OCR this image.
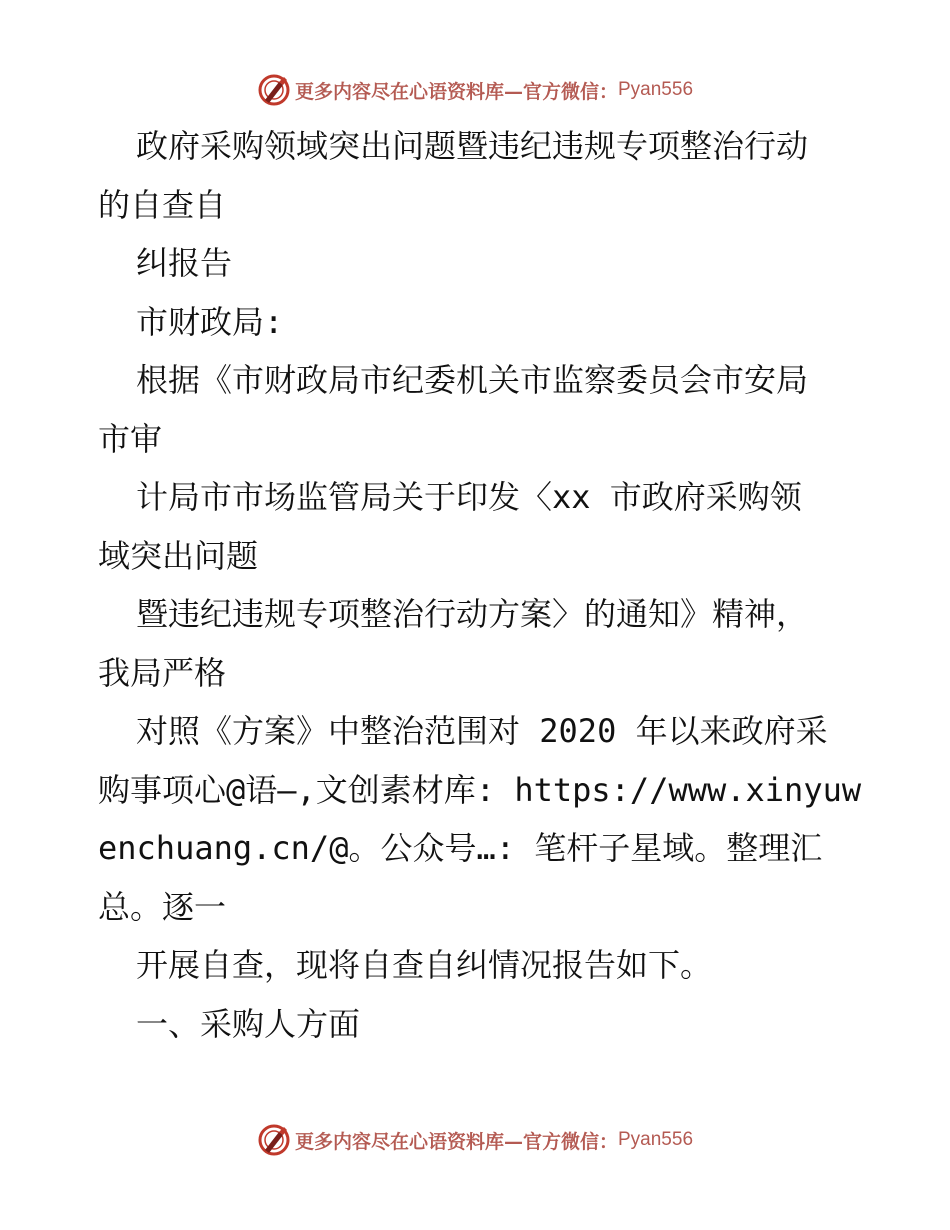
更多内容尽在心语资料库—官方微信： Pyan556
政府采购领域突出问题暨违纪违规专项整治行动
的自查自
纠报告
市财政局:
根据《市财政局市纪委机关市监察委员会市安局
市审
计局市市场监管局关于印发〈xx 市政府采购领
域突出问题
暨违纪违规专项整治行动方案〉的通知》精神，
我局严格
对照《方案》中整治范围对 2020 年以来政府采
购事项心@语—,文创素材库: https://www.xinyuw
enchuang.cn/@。公众号…: 笔杆子星域。整理汇
总。逐一
开展自查，现将自查自纠情况报告如下。
一、采购人方面
更多内容尽在心语资料库—官方微信： Pyan556
